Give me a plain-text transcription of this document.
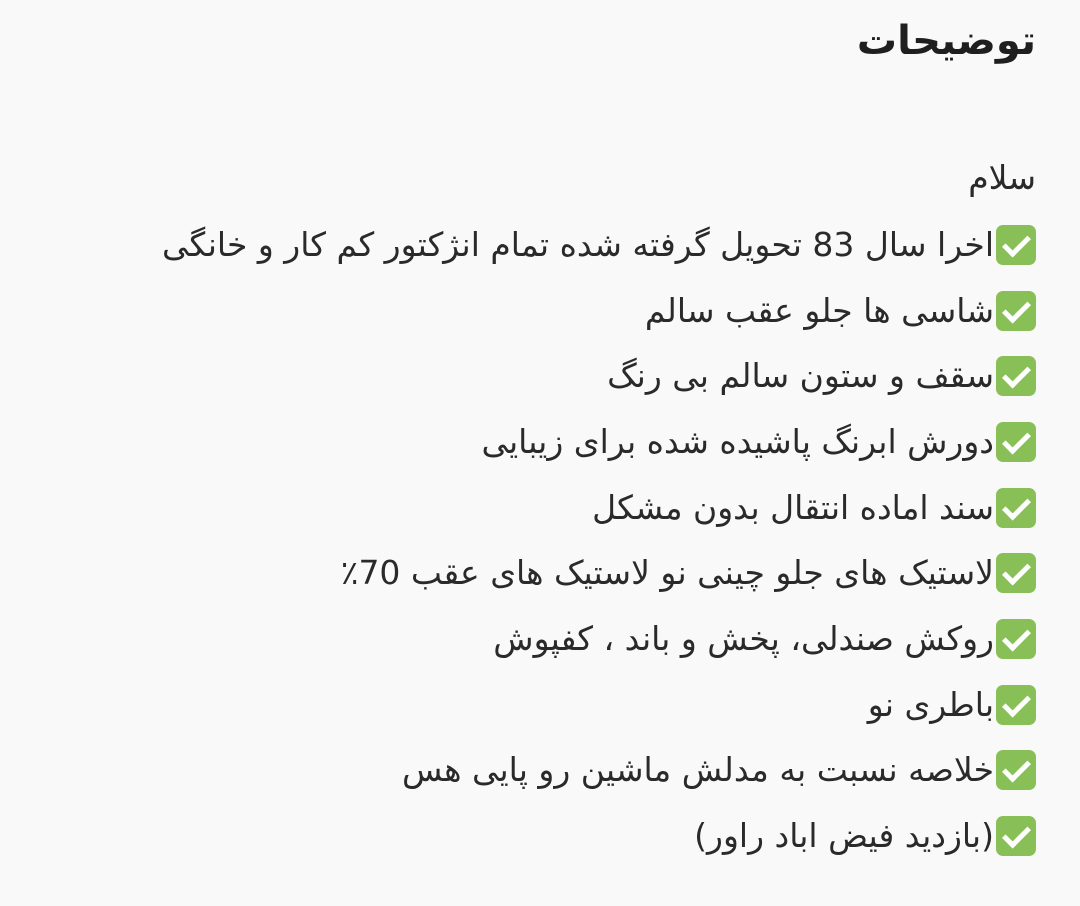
توضیحات
سلام
اخرا سال 83 تحویل گرفته شده تمام انژکتور کم کار و خانگی
شاسی ها جلو عقب سالم
سقف و ستون سالم بی رنگ
دورش ابرنگ پاشیده شده برای زیبایی
سند اماده انتقال بدون مشکل
لاستیک های جلو چینی نو لاستیک های عقب 70٪
روکش صندلی، پخش و باند ، کفپوش
باطری نو
خلاصه نسبت به مدلش ماشین رو پایی هس
(بازدید فیض اباد راور)
